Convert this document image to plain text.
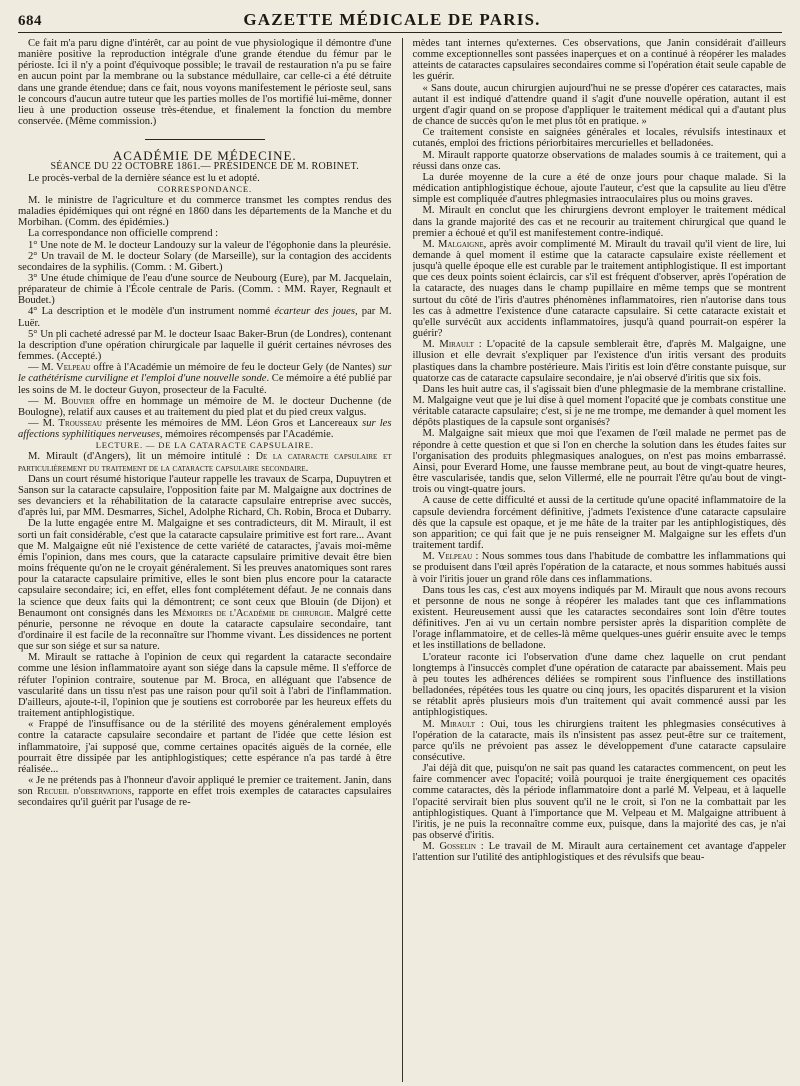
684	GAZETTE MÉDICALE DE PARIS.

Ce fait m'a paru digne d'intérêt, car au point de vue physiologique il démontre d'une manière positive la reproduction intégrale d'une grande étendue du fémur par le périoste. Ici il n'y a point d'équivoque possible; le travail de restauration n'a pu se faire en aucun point par la membrane ou la substance médullaire, car celle-ci a été détruite dans une grande étendue; dans ce fait, nous voyons manifestement le périoste seul, sans le concours d'aucun autre tuteur que les parties molles de l'os mortifié lui-même, donner lieu à une production osseuse très-étendue, et finalement la fonction du membre conservée. (Même commission.)

ACADÉMIE DE MÉDECINE.

SÉANCE DU 22 OCTOBRE 1861.— PRÉSIDENCE DE M. ROBINET.

Le procès-verbal de la dernière séance est lu et adopté.

CORRESPONDANCE.

M. le ministre de l'agriculture et du commerce transmet les comptes rendus des maladies épidémiques qui ont régné en 1860 dans les départements de la Manche et du Morbihan. (Comm. des épidémies.)

La correspondance non officielle comprend :

1° Une note de M. le docteur Landouzy sur la valeur de l'égophonie dans la pleurésie.

2° Un travail de M. le docteur Solary (de Marseille), sur la contagion des accidents secondaires de la syphilis. (Comm. : M. Gibert.)

3° Une étude chimique de l'eau d'une source de Neubourg (Eure), par M. Jacquelain, préparateur de chimie à l'École centrale de Paris. (Comm. : MM. Rayer, Regnault et Boudet.)

4° La description et le modèle d'un instrument nommé écarteur des joues, par M. Luër.

5° Un pli cacheté adressé par M. le docteur Isaac Baker-Brun (de Londres), contenant la description d'une opération chirurgicale par laquelle il guérit certaines névroses des femmes. (Accepté.)

— M. Velpeau offre à l'Académie un mémoire de feu le docteur Gely (de Nantes) sur le cathétérisme curviligne et l'emploi d'une nouvelle sonde. Ce mémoire a été publié par les soins de M. le docteur Guyon, prosecteur de la Faculté.

— M. Bouvier offre en hommage un mémoire de M. le docteur Duchenne (de Boulogne), relatif aux causes et au traitement du pied plat et du pied creux valgus.

— M. Trousseau présente les mémoires de MM. Léon Gros et Lancereaux sur les affections syphilitiques nerveuses, mémoires récompensés par l'Académie.

LECTURE. — DE LA CATARACTE CAPSULAIRE.

M. Mirault (d'Angers), lit un mémoire intitulé : De la cataracte capsulaire et particulièrement du traitement de la cataracte capsulaire secondaire.

Dans un court résumé historique l'auteur rappelle les travaux de Scarpa, Dupuytren et Sanson sur la cataracte capsulaire, l'opposition faite par M. Malgaigne aux doctrines de ses devanciers et la réhabilitation de la cataracte capsulaire entreprise avec succès, d'après lui, par MM. Desmarres, Sichel, Adolphe Richard, Ch. Robin, Broca et Dubarry.

De la lutte engagée entre M. Malgaigne et ses contradicteurs, dit M. Mirault, il est sorti un fait considérable, c'est que la cataracte capsulaire primitive est fort rare... Avant que M. Malgaigne eût nié l'existence de cette variété de cataractes, j'avais moi-même émis l'opinion, dans mes cours, que la cataracte capsulaire primitive devait être bien moins fréquente qu'on ne le croyait généralement. Si les preuves anatomiques sont rares pour la cataracte capsulaire primitive, elles le sont bien plus encore pour la cataracte capsulaire secondaire; ici, en effet, elles font complétement défaut. Je ne connais dans la science que deux faits qui la démontrent; ce sont ceux que Blouin (de Dijon) et Benaumont ont consignés dans les Mémoires de l'Académie de chirurgie. Malgré cette pénurie, personne ne révoque en doute la cataracte capsulaire secondaire, tant d'ordinaire il est facile de la reconnaître sur l'homme vivant. Les dissidences ne portent que sur son siége et sur sa nature.

M. Mirault se rattache à l'opinion de ceux qui regardent la cataracte secondaire comme une lésion inflammatoire ayant son siége dans la capsule même. Il s'efforce de réfuter l'opinion contraire, soutenue par M. Broca, en alléguant que l'absence de vascularité dans un tissu n'est pas une raison pour qu'il soit à l'abri de l'inflammation. D'ailleurs, ajoute-t-il, l'opinion que je soutiens est corroborée par les heureux effets du traitement antiphlogistique.

« Frappé de l'insuffisance ou de la stérilité des moyens généralement employés contre la cataracte capsulaire secondaire et partant de l'idée que cette lésion est inflammatoire, j'ai supposé que, comme certaines opacités aiguës de la cornée, elle pourrait être dissipée par les antiphlogistiques; cette espérance n'a pas tardé à être réalisée...

« Je ne prétends pas à l'honneur d'avoir appliqué le premier ce traitement. Janin, dans son Recueil d'observations, rapporte en effet trois exemples de cataractes capsulaires secondaires qu'il guérit par l'usage de re-

mèdes tant internes qu'externes. Ces observations, que Janin considérait d'ailleurs comme exceptionnelles sont passées inaperçues et on a continué à réopérer les malades atteints de cataractes capsulaires secondaires comme si l'opération était seule capable de les guérir.

« Sans doute, aucun chirurgien aujourd'hui ne se presse d'opérer ces cataractes, mais autant il est indiqué d'attendre quand il s'agit d'une nouvelle opération, autant il est urgent d'agir quand on se propose d'appliquer le traitement médical qui a d'autant plus de chance de succès qu'on le met plus tôt en pratique. »

Ce traitement consiste en saignées générales et locales, révulsifs intestinaux et cutanés, emploi des frictions périorbitaires mercurielles et belladonées.

M. Mirault rapporte quatorze observations de malades soumis à ce traitement, qui a réussi dans onze cas.

La durée moyenne de la cure a été de onze jours pour chaque malade. Si la médication antiphlogistique échoue, ajoute l'auteur, c'est que la capsulite au lieu d'être simple est compliquée d'autres phlegmasies intraoculaires plus ou moins graves.

M. Mirault en conclut que les chirurgiens devront employer le traitement médical dans la grande majorité des cas et ne recourir au traitement chirurgical que quand le premier a échoué et qu'il est manifestement contre-indiqué.

M. Malgaigne, après avoir complimenté M. Mirault du travail qu'il vient de lire, lui demande à quel moment il estime que la cataracte capsulaire existe réellement et jusqu'à quelle époque elle est curable par le traitement antiphlogistique. Il est important que ces deux points soient éclaircis, car s'il est fréquent d'observer, après l'opération de la cataracte, des nuages dans le champ pupillaire en même temps que se montrent surtout du côté de l'iris d'autres phénomènes inflammatoires, rien n'autorise dans tous les cas à admettre l'existence d'une cataracte capsulaire. Si cette cataracte existait et qu'elle survécût aux accidents inflammatoires, jusqu'à quand pourrait-on espérer la guérir?

M. Mirault : L'opacité de la capsule semblerait être, d'après M. Malgaigne, une illusion et elle devrait s'expliquer par l'existence d'un iritis versant des produits plastiques dans la chambre postérieure. Mais l'iritis est loin d'être constante puisque, sur quatorze cas de cataracte capsulaire secondaire, je n'ai observé d'iritis que six fois.

Dans les huit autre cas, il s'agissait bien d'une phlegmasie de la membrane cristalline. M. Malgaigne veut que je lui dise à quel moment l'opacité que je combats constitue une véritable cataracte capsulaire; c'est, si je ne me trompe, me demander à quel moment les dépôts plastiques de la capsule sont organisés?

M. Malgaigne sait mieux que moi que l'examen de l'œil malade ne permet pas de répondre à cette question et que si l'on en cherche la solution dans les études faites sur l'organisation des produits phlegmasiques analogues, on n'est pas moins embarrassé. Ainsi, pour Everard Home, une fausse membrane peut, au bout de vingt-quatre heures, être vascularisée, tandis que, selon Villermé, elle ne pourrait l'être qu'au bout de vingt-trois ou vingt-quatre jours.

A cause de cette difficulté et aussi de la certitude qu'une opacité inflammatoire de la capsule deviendra forcément définitive, j'admets l'existence d'une cataracte capsulaire dès que la capsule est opaque, et je me hâte de la traiter par les antiphlogistiques, dès son apparition; ce qui fait que je ne puis renseigner M. Malgaigne sur les effets d'un traitement tardif.

M. Velpeau : Nous sommes tous dans l'habitude de combattre les inflammations qui se produisent dans l'œil après l'opération de la cataracte, et nous sommes habitués aussi à voir l'iritis jouer un grand rôle dans ces inflammations.

Dans tous les cas, c'est aux moyens indiqués par M. Mirault que nous avons recours et personne de nous ne songe à réopérer les malades tant que ces inflammations existent. Heureusement aussi que les cataractes secondaires sont loin d'être toutes définitives. J'en ai vu un certain nombre persister après la disparition complète de l'orage inflammatoire, et de celles-là même quelques-unes guérir ensuite avec le temps et les instillations de belladone.

L'orateur raconte ici l'observation d'une dame chez laquelle on crut pendant longtemps à l'insuccès complet d'une opération de cataracte par abaissement. Mais peu à peu toutes les adhérences déliées se rompirent sous l'influence des instillations belladonées, répétées tous les quatre ou cinq jours, les opacités disparurent et la vision se rétablit après plusieurs mois d'un traitement qui avait commencé aussi par les antiphlogistiques.

M. Mirault : Oui, tous les chirurgiens traitent les phlegmasies consécutives à l'opération de la cataracte, mais ils n'insistent pas assez peut-être sur ce traitement, parce qu'ils ne prévoient pas assez le développement d'une cataracte capsulaire consécutive.

J'ai déjà dit que, puisqu'on ne sait pas quand les cataractes commencent, on peut les faire commencer avec l'opacité; voilà pourquoi je traite énergiquement ces opacités comme cataractes, dès la période inflammatoire dont a parlé M. Velpeau, et à laquelle l'opacité servirait bien plus souvent qu'il ne le croit, si l'on ne la combattait par les antiphlogistiques. Quant à l'importance que M. Velpeau et M. Malgaigne attribuent à l'iritis, je ne puis la reconnaître comme eux, puisque, dans la majorité des cas, je n'ai pas observé d'iritis.

M. Gosselin : Le travail de M. Mirault aura certainement cet avantage d'appeler l'attention sur l'utilité des antiphlogistiques et des révulsifs que beau-
